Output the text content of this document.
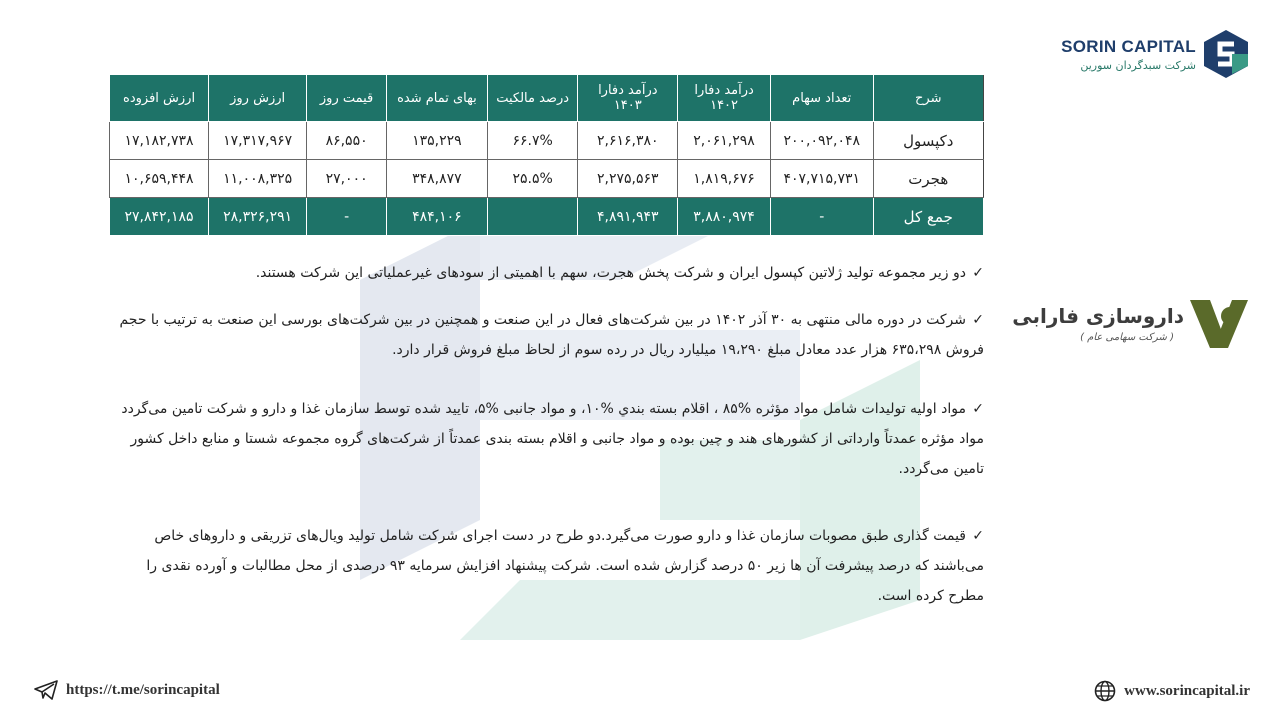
SORIN CAPITAL
شرکت سبدگردان سورین
داروسازی فارابی
( شرکت سهامی عام )
شرح	تعداد سهام	درآمد دفارا ۱۴۰۲	درآمد دفارا ۱۴۰۳	درصد مالکیت	بهای تمام شده	قیمت روز	ارزش روز	ارزش افزوده
دکپسول	۲۰۰,۰۹۲,۰۴۸	۲,۰۶۱,۲۹۸	۲,۶۱۶,۳۸۰	۶۶.۷%	۱۳۵,۲۲۹	۸۶,۵۵۰	۱۷,۳۱۷,۹۶۷	۱۷,۱۸۲,۷۳۸
هجرت	۴۰۷,۷۱۵,۷۳۱	۱,۸۱۹,۶۷۶	۲,۲۷۵,۵۶۳	۲۵.۵%	۳۴۸,۸۷۷	۲۷,۰۰۰	۱۱,۰۰۸,۳۲۵	۱۰,۶۵۹,۴۴۸
جمع کل	-	۳,۸۸۰,۹۷۴	۴,۸۹۱,۹۴۳		۴۸۴,۱۰۶	-	۲۸,۳۲۶,۲۹۱	۲۷,۸۴۲,۱۸۵
✓دو زیر مجموعه تولید ژلاتین کپسول ایران و شرکت پخش هجرت، سهم با اهمیتی از سودهای غیرعملیاتی این شرکت هستند.
✓شرکت در دوره مالی منتهی به ۳۰ آذر ۱۴۰۲ در بین شرکت‌های فعال در این صنعت و همچنین در بین شرکت‌های بورسی این صنعت به ترتیب با حجم فروش ۶۳۵،۲۹۸ هزار عدد معادل مبلغ ۱۹،۲۹۰ میلیارد ریال در رده سوم از لحاظ مبلغ فروش قرار دارد.
✓مواد اولیه تولیدات شامل مواد مؤثره %۸۵ ، اقلام بسته بندي %۱۰، و مواد جانبی %۵، تایید شده توسط سازمان غذا و دارو و شرکت تامین می‌گردد مواد مؤثره عمدتاً وارداتی از کشورهای هند و چین بوده و مواد جانبی و اقلام بسته بندی عمدتاً از شرکت‌های گروه مجموعه شستا و منابع داخل کشور تامین می‌گردد.
✓قیمت گذاری طبق مصوبات سازمان غذا و دارو صورت می‌گیرد.دو طرح در دست اجرای شرکت شامل تولید ویال‌های تزریقی و داروهای خاص می‌باشند که درصد پیشرفت آن ها زیر ۵۰ درصد گزارش شده است. شرکت پیشنهاد افزایش سرمایه ۹۳ درصدی از محل مطالبات و آورده نقدی را مطرح کرده است.
https://t.me/sorincapital	www.sorincapital.ir
